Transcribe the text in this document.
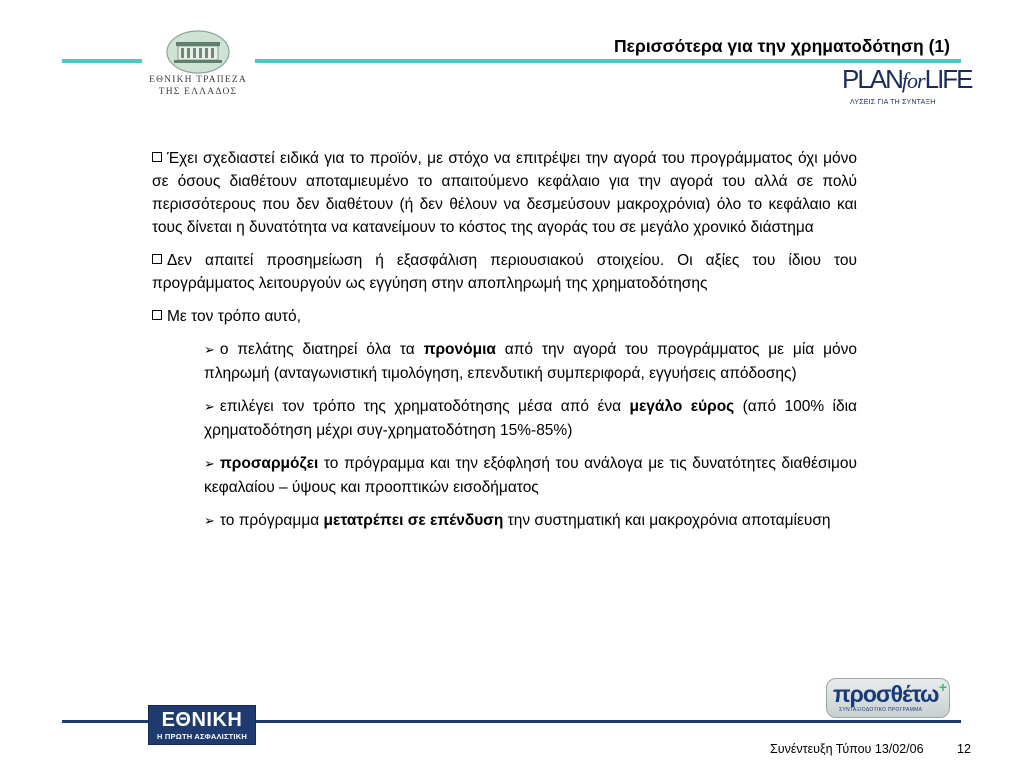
ΕΘΝΙΚΗ ΤΡΑΠΕΖΑ
ΤΗΣ ΕΛΛΑΔΟΣ
Περισσότερα για την χρηματοδότηση (1)
PLANforLIFE
ΛΥΣΕΙΣ ΓΙΑ ΤΗ ΣΥΝΤΑΞΗ

Έχει σχεδιαστεί ειδικά για το προϊόν, με στόχο να επιτρέψει την αγορά του προγράμματος όχι μόνο σε όσους διαθέτουν αποταμιευμένο το απαιτούμενο κεφάλαιο για την αγορά του αλλά σε πολύ περισσότερους που δεν διαθέτουν (ή δεν θέλουν να δεσμεύσουν μακροχρόνια) όλο το κεφάλαιο και τους δίνεται η δυνατότητα να κατανείμουν το κόστος της αγοράς του σε μεγάλο χρονικό διάστημα

Δεν απαιτεί προσημείωση ή εξασφάλιση περιουσιακού στοιχείου. Οι αξίες του ίδιου του προγράμματος λειτουργούν ως εγγύηση στην αποπληρωμή της χρηματοδότησης

Με τον τρόπο αυτό,

➢ ο πελάτης διατηρεί όλα τα προνόμια από την αγορά του προγράμματος με μία μόνο πληρωμή (ανταγωνιστική τιμολόγηση, επενδυτική συμπεριφορά, εγγυήσεις απόδοσης)

➢ επιλέγει τον τρόπο της χρηματοδότησης μέσα από ένα μεγάλο εύρος (από 100% ίδια χρηματοδότηση μέχρι συγ-χρηματοδότηση 15%-85%)

➢ προσαρμόζει το πρόγραμμα και την εξόφλησή του ανάλογα με τις δυνατότητες διαθέσιμου κεφαλαίου – ύψους και προοπτικών εισοδήματος

➢ το πρόγραμμα μετατρέπει σε επένδυση την συστηματική και μακροχρόνια αποταμίευση

προσθέτω +
ΣΥΝΤΑΞΙΟΔΟΤΙΚΟ ΠΡΟΓΡΑΜΜΑ
ΕΘΝΙΚΗ
Η ΠΡΩΤΗ ΑΣΦΑΛΙΣΤΙΚΗ
Συνέντευξη Τύπου 13/02/06	12
